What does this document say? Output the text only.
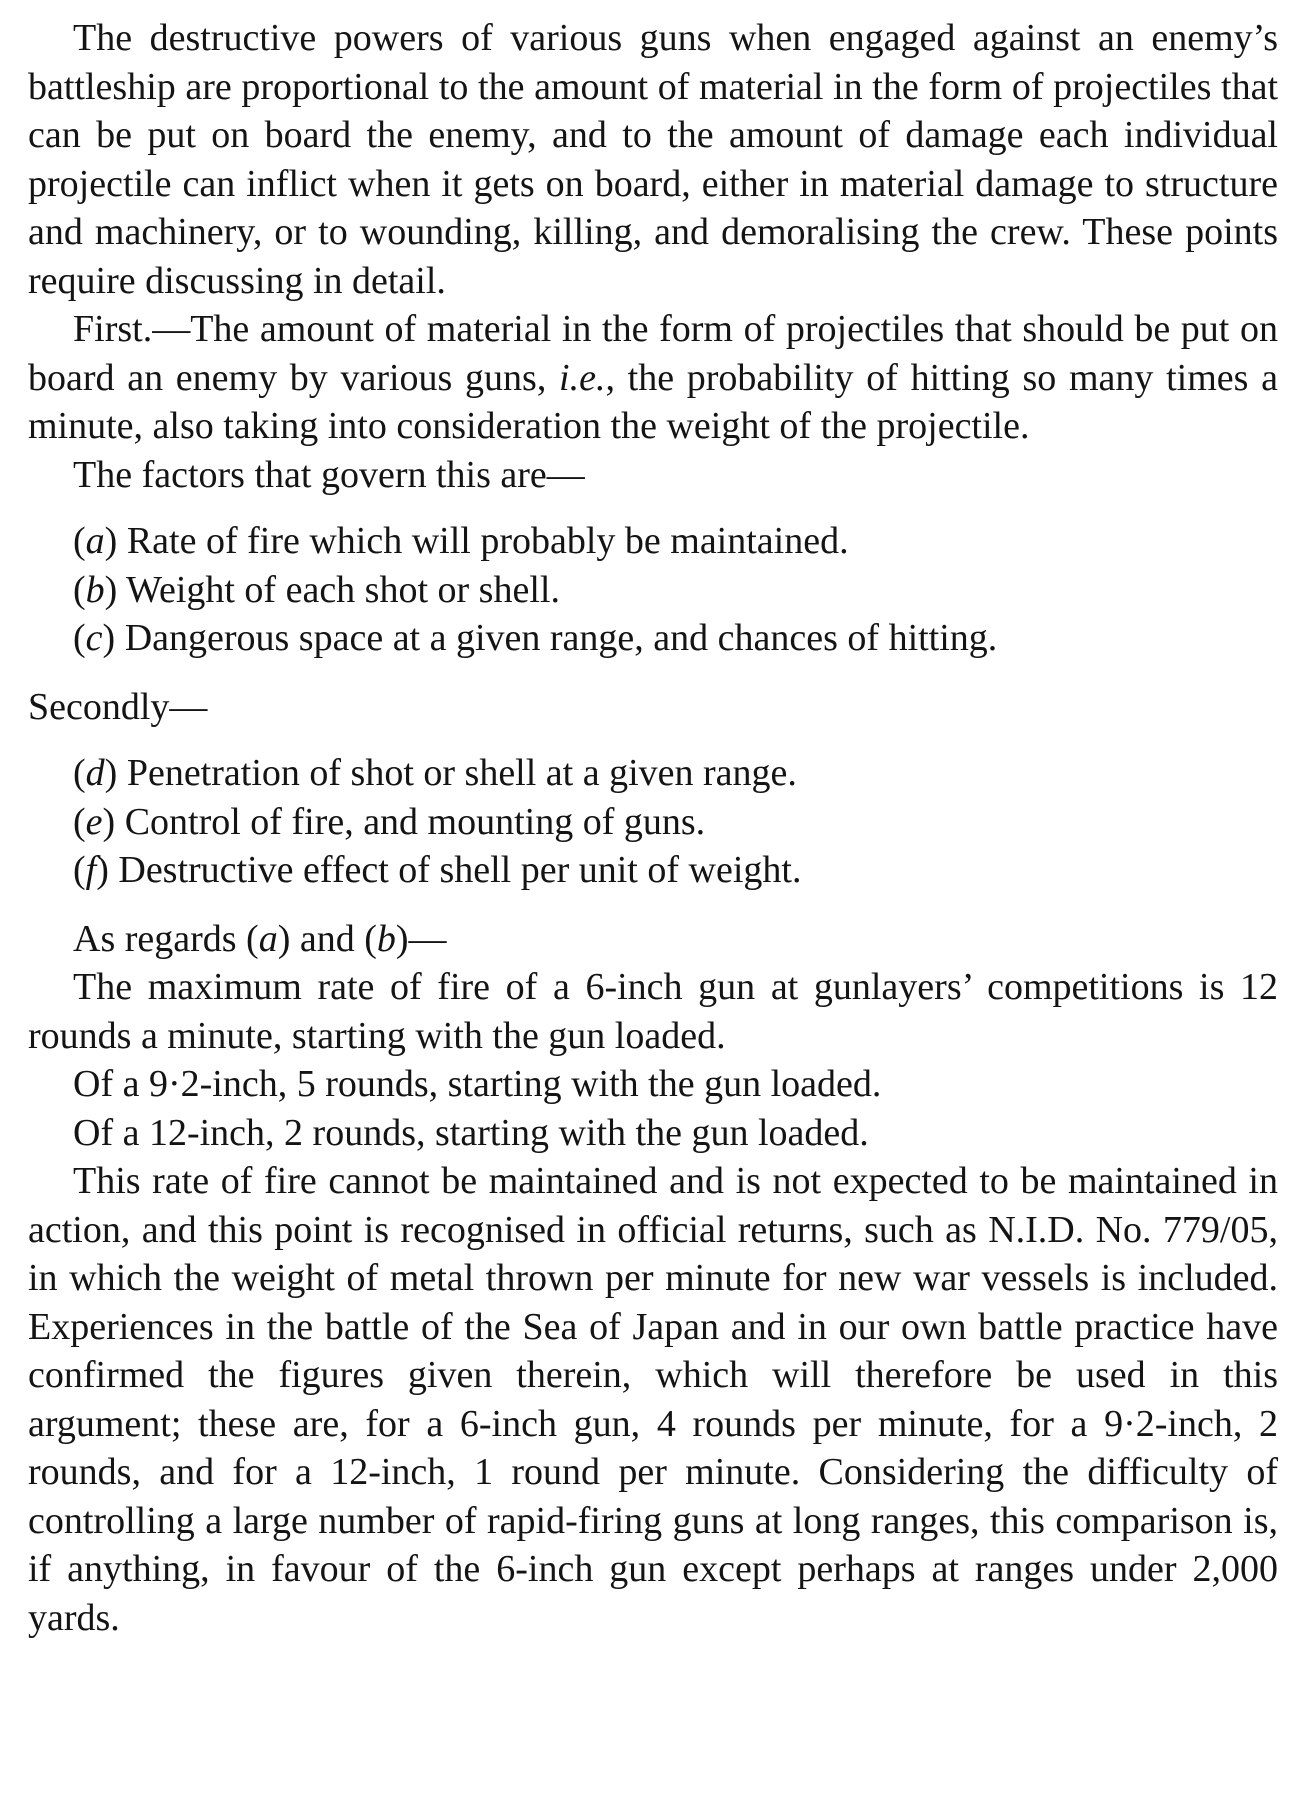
The destructive powers of various guns when engaged against an enemy’s battleship are proportional to the amount of material in the form of projectiles that can be put on board the enemy, and to the amount of damage each individual projectile can inflict when it gets on board, either in material damage to structure and machinery, or to wounding, killing, and demoralising the crew. These points require discussing in detail.

First.—The amount of material in the form of projectiles that should be put on board an enemy by various guns, i.e., the probability of hitting so many times a minute, also taking into consideration the weight of the projectile.

The factors that govern this are—

(a) Rate of fire which will probably be maintained.
(b) Weight of each shot or shell.
(c) Dangerous space at a given range, and chances of hitting.

Secondly—

(d) Penetration of shot or shell at a given range.
(e) Control of fire, and mounting of guns.
(f) Destructive effect of shell per unit of weight.

As regards (a) and (b)—

The maximum rate of fire of a 6-inch gun at gunlayers’ competitions is 12 rounds a minute, starting with the gun loaded.

Of a 9·2-inch, 5 rounds, starting with the gun loaded.

Of a 12-inch, 2 rounds, starting with the gun loaded.

This rate of fire cannot be maintained and is not expected to be maintained in action, and this point is recognised in official returns, such as N.I.D. No. 779/05, in which the weight of metal thrown per minute for new war vessels is included. Experiences in the battle of the Sea of Japan and in our own battle practice have confirmed the figures given therein, which will therefore be used in this argument; these are, for a 6-inch gun, 4 rounds per minute, for a 9·2-inch, 2 rounds, and for a 12-inch, 1 round per minute. Considering the difficulty of controlling a large number of rapid-firing guns at long ranges, this comparison is, if anything, in favour of the 6-inch gun except perhaps at ranges under 2,000 yards.
